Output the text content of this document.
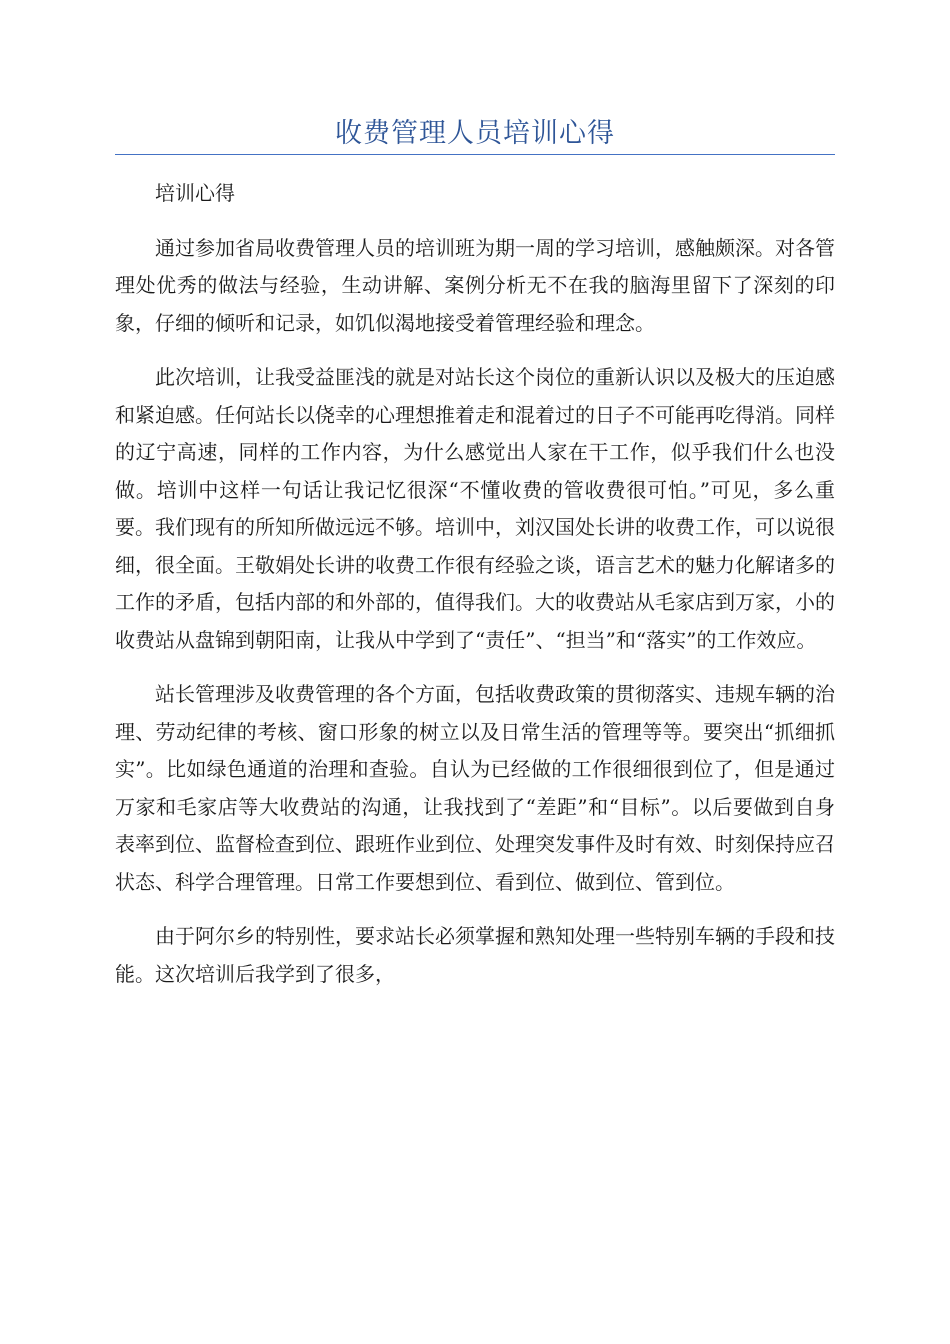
收费管理人员培训心得

培训心得

通过参加省局收费管理人员的培训班为期一周的学习培训，感触颇深。对各管理处优秀的做法与经验，生动讲解、案例分析无不在我的脑海里留下了深刻的印象，仔细的倾听和记录，如饥似渴地接受着管理经验和理念。

此次培训，让我受益匪浅的就是对站长这个岗位的重新认识以及极大的压迫感和紧迫感。任何站长以侥幸的心理想推着走和混着过的日子不可能再吃得消。同样的辽宁高速，同样的工作内容，为什么感觉出人家在干工作，似乎我们什么也没做。培训中这样一句话让我记忆很深“不懂收费的管收费很可怕。”可见，多么重要。我们现有的所知所做远远不够。培训中，刘汉国处长讲的收费工作，可以说很细，很全面。王敬娟处长讲的收费工作很有经验之谈，语言艺术的魅力化解诸多的工作的矛盾，包括内部的和外部的，值得我们。大的收费站从毛家店到万家，小的收费站从盘锦到朝阳南，让我从中学到了“责任”、“担当”和“落实”的工作效应。

站长管理涉及收费管理的各个方面，包括收费政策的贯彻落实、违规车辆的治理、劳动纪律的考核、窗口形象的树立以及日常生活的管理等等。要突出“抓细抓实”。比如绿色通道的治理和查验。自认为已经做的工作很细很到位了，但是通过万家和毛家店等大收费站的沟通，让我找到了“差距”和“目标”。以后要做到自身表率到位、监督检查到位、跟班作业到位、处理突发事件及时有效、时刻保持应召状态、科学合理管理。日常工作要想到位、看到位、做到位、管到位。

由于阿尔乡的特别性，要求站长必须掌握和熟知处理一些特别车辆的手段和技能。这次培训后我学到了很多，
